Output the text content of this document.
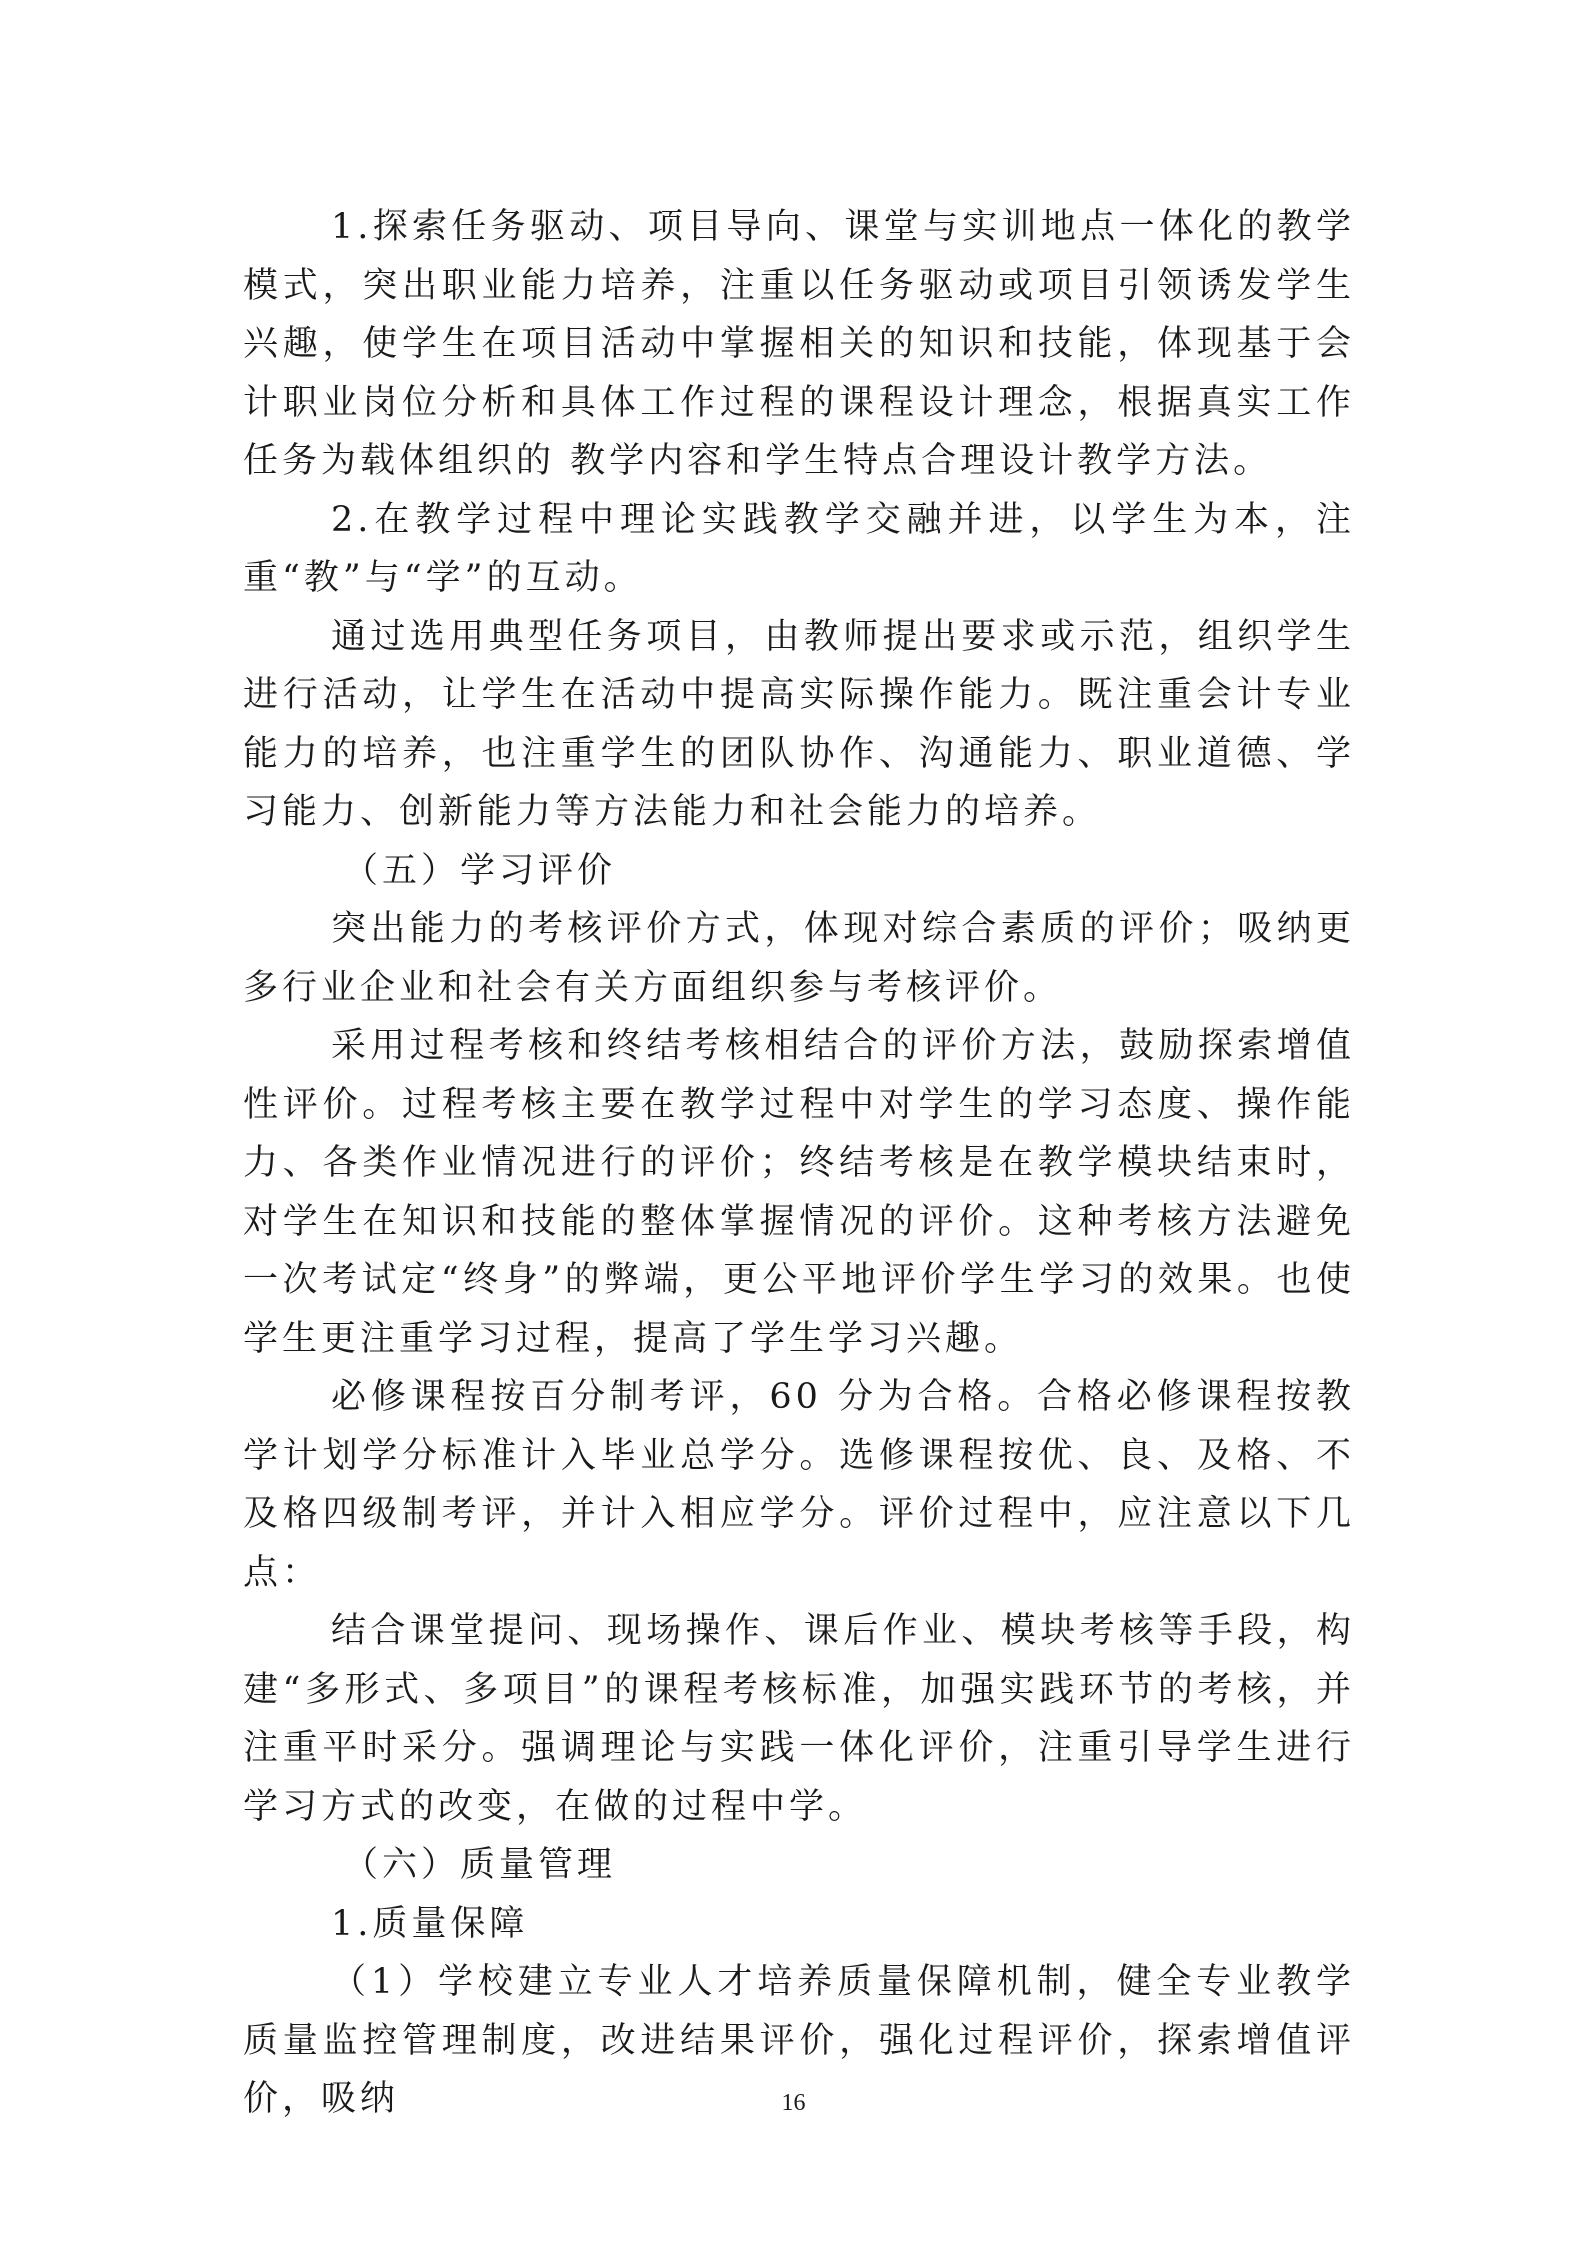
1.探索任务驱动、项目导向、课堂与实训地点一体化的教学模式，突出职业能力培养，注重以任务驱动或项目引领诱发学生兴趣，使学生在项目活动中掌握相关的知识和技能，体现基于会计职业岗位分析和具体工作过程的课程设计理念，根据真实工作任务为载体组织的 教学内容和学生特点合理设计教学方法。

2.在教学过程中理论实践教学交融并进，以学生为本，注重“教”与“学”的互动。

通过选用典型任务项目，由教师提出要求或示范，组织学生进行活动，让学生在活动中提高实际操作能力。既注重会计专业能力的培养，也注重学生的团队协作、沟通能力、职业道德、学习能力、创新能力等方法能力和社会能力的培养。

（五）学习评价

突出能力的考核评价方式，体现对综合素质的评价；吸纳更多行业企业和社会有关方面组织参与考核评价。

采用过程考核和终结考核相结合的评价方法，鼓励探索增值性评价。过程考核主要在教学过程中对学生的学习态度、操作能力、各类作业情况进行的评价；终结考核是在教学模块结束时，对学生在知识和技能的整体掌握情况的评价。这种考核方法避免一次考试定“终身”的弊端，更公平地评价学生学习的效果。也使学生更注重学习过程，提高了学生学习兴趣。

必修课程按百分制考评，60 分为合格。合格必修课程按教学计划学分标准计入毕业总学分。选修课程按优、良、及格、不及格四级制考评，并计入相应学分。评价过程中，应注意以下几点：

结合课堂提问、现场操作、课后作业、模块考核等手段，构建“多形式、多项目”的课程考核标准，加强实践环节的考核，并注重平时采分。强调理论与实践一体化评价，注重引导学生进行学习方式的改变，在做的过程中学。

（六）质量管理

1.质量保障

（1）学校建立专业人才培养质量保障机制，健全专业教学质量监控管理制度，改进结果评价，强化过程评价，探索增值评价，吸纳	16
